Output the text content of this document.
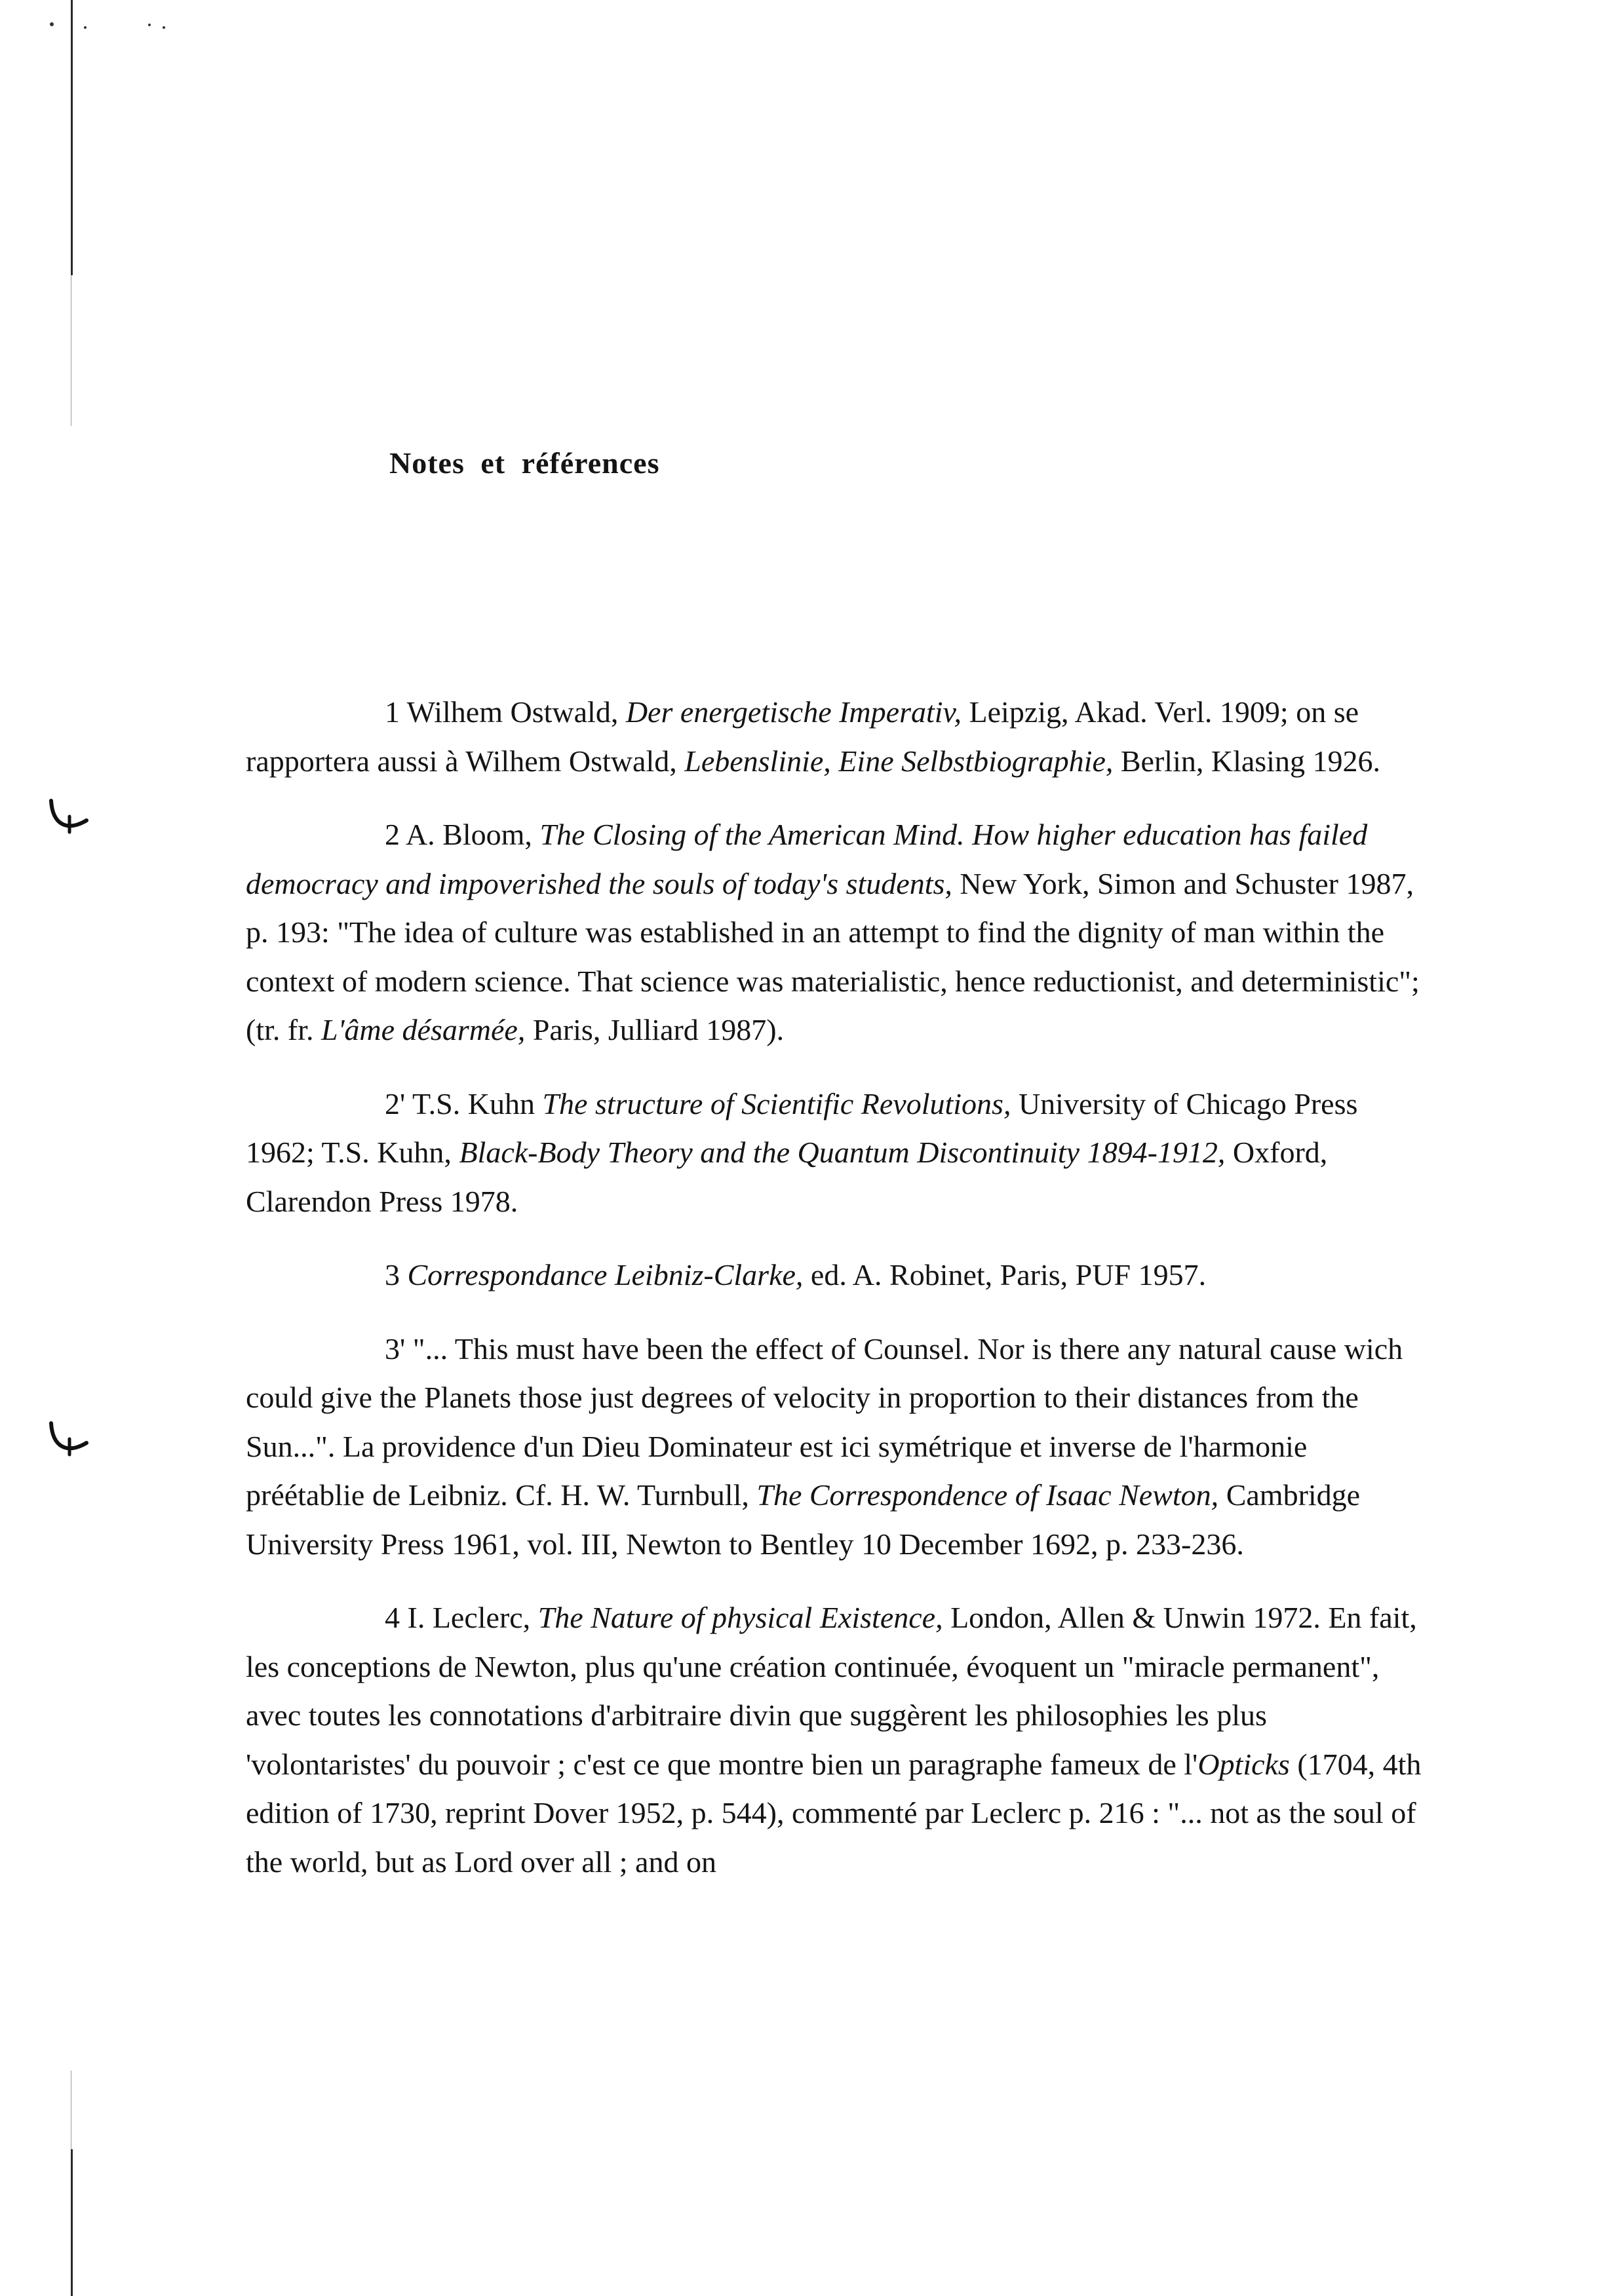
Notes et références

1 Wilhem Ostwald, Der energetische Imperativ, Leipzig, Akad. Verl. 1909; on se rapportera aussi à Wilhem Ostwald, Lebenslinie, Eine Selbstbiographie, Berlin, Klasing 1926.

2 A. Bloom, The Closing of the American Mind. How higher education has failed democracy and impoverished the souls of today's students, New York, Simon and Schuster 1987, p. 193: "The idea of culture was established in an attempt to find the dignity of man within the context of modern science. That science was materialistic, hence reductionist, and deterministic"; (tr. fr. L'âme désarmée, Paris, Julliard 1987).

2' T.S. Kuhn The structure of Scientific Revolutions, University of Chicago Press 1962; T.S. Kuhn, Black-Body Theory and the Quantum Discontinuity 1894-1912, Oxford, Clarendon Press 1978.

3 Correspondance Leibniz-Clarke, ed. A. Robinet, Paris, PUF 1957.

3' "... This must have been the effect of Counsel. Nor is there any natural cause wich could give the Planets those just degrees of velocity in proportion to their distances from the Sun...". La providence d'un Dieu Dominateur est ici symétrique et inverse de l'harmonie préétablie de Leibniz. Cf. H. W. Turnbull, The Correspondence of Isaac Newton, Cambridge University Press 1961, vol. III, Newton to Bentley 10 December 1692, p. 233-236.

4 I. Leclerc, The Nature of physical Existence, London, Allen & Unwin 1972. En fait, les conceptions de Newton, plus qu'une création continuée, évoquent un "miracle permanent", avec toutes les connotations d'arbitraire divin que suggèrent les philosophies les plus 'volontaristes' du pouvoir ; c'est ce que montre bien un paragraphe fameux de l'Opticks (1704, 4th edition of 1730, reprint Dover 1952, p. 544), commenté par Leclerc p. 216 : "... not as the soul of the world, but as Lord over all ; and on
